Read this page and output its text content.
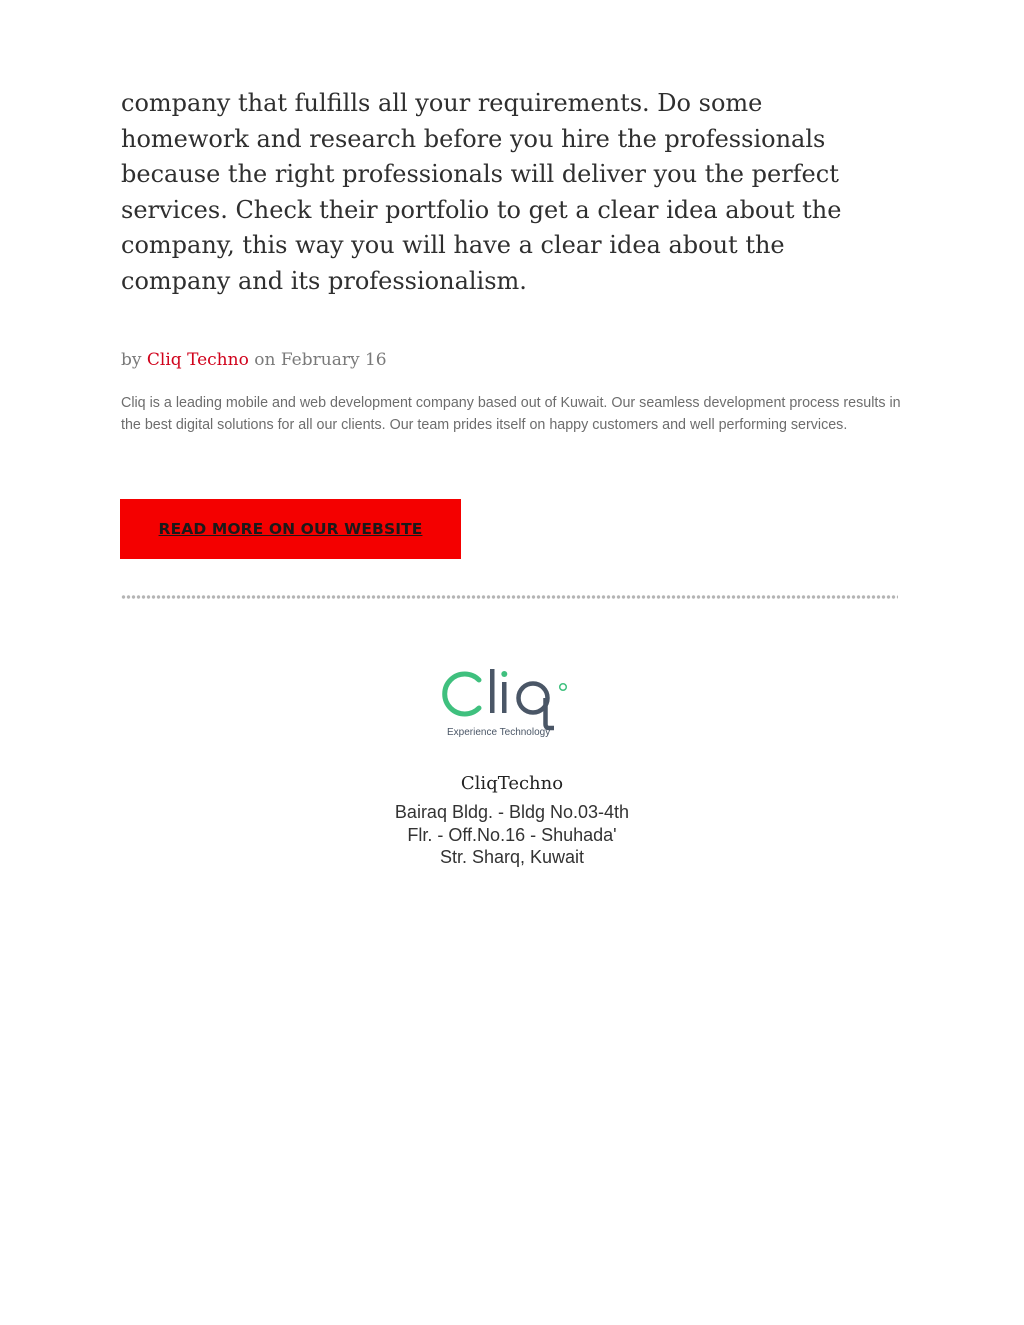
company that fulfills all your requirements. Do some homework and research before you hire the professionals because the right professionals will deliver you the perfect services. Check their portfolio to get a clear idea about the company, this way you will have a clear idea about the company and its professionalism.

by Cliq Techno on February 16

Cliq is a leading mobile and web development company based out of Kuwait. Our seamless development process results in the best digital solutions for all our clients. Our team prides itself on happy customers and well performing services.

READ MORE ON OUR WEBSITE
Experience Technology
CliqTechno
Bairaq Bldg. - Bldg No.03-4th
Flr. - Off.No.16 - Shuhada'
Str. Sharq, Kuwait
